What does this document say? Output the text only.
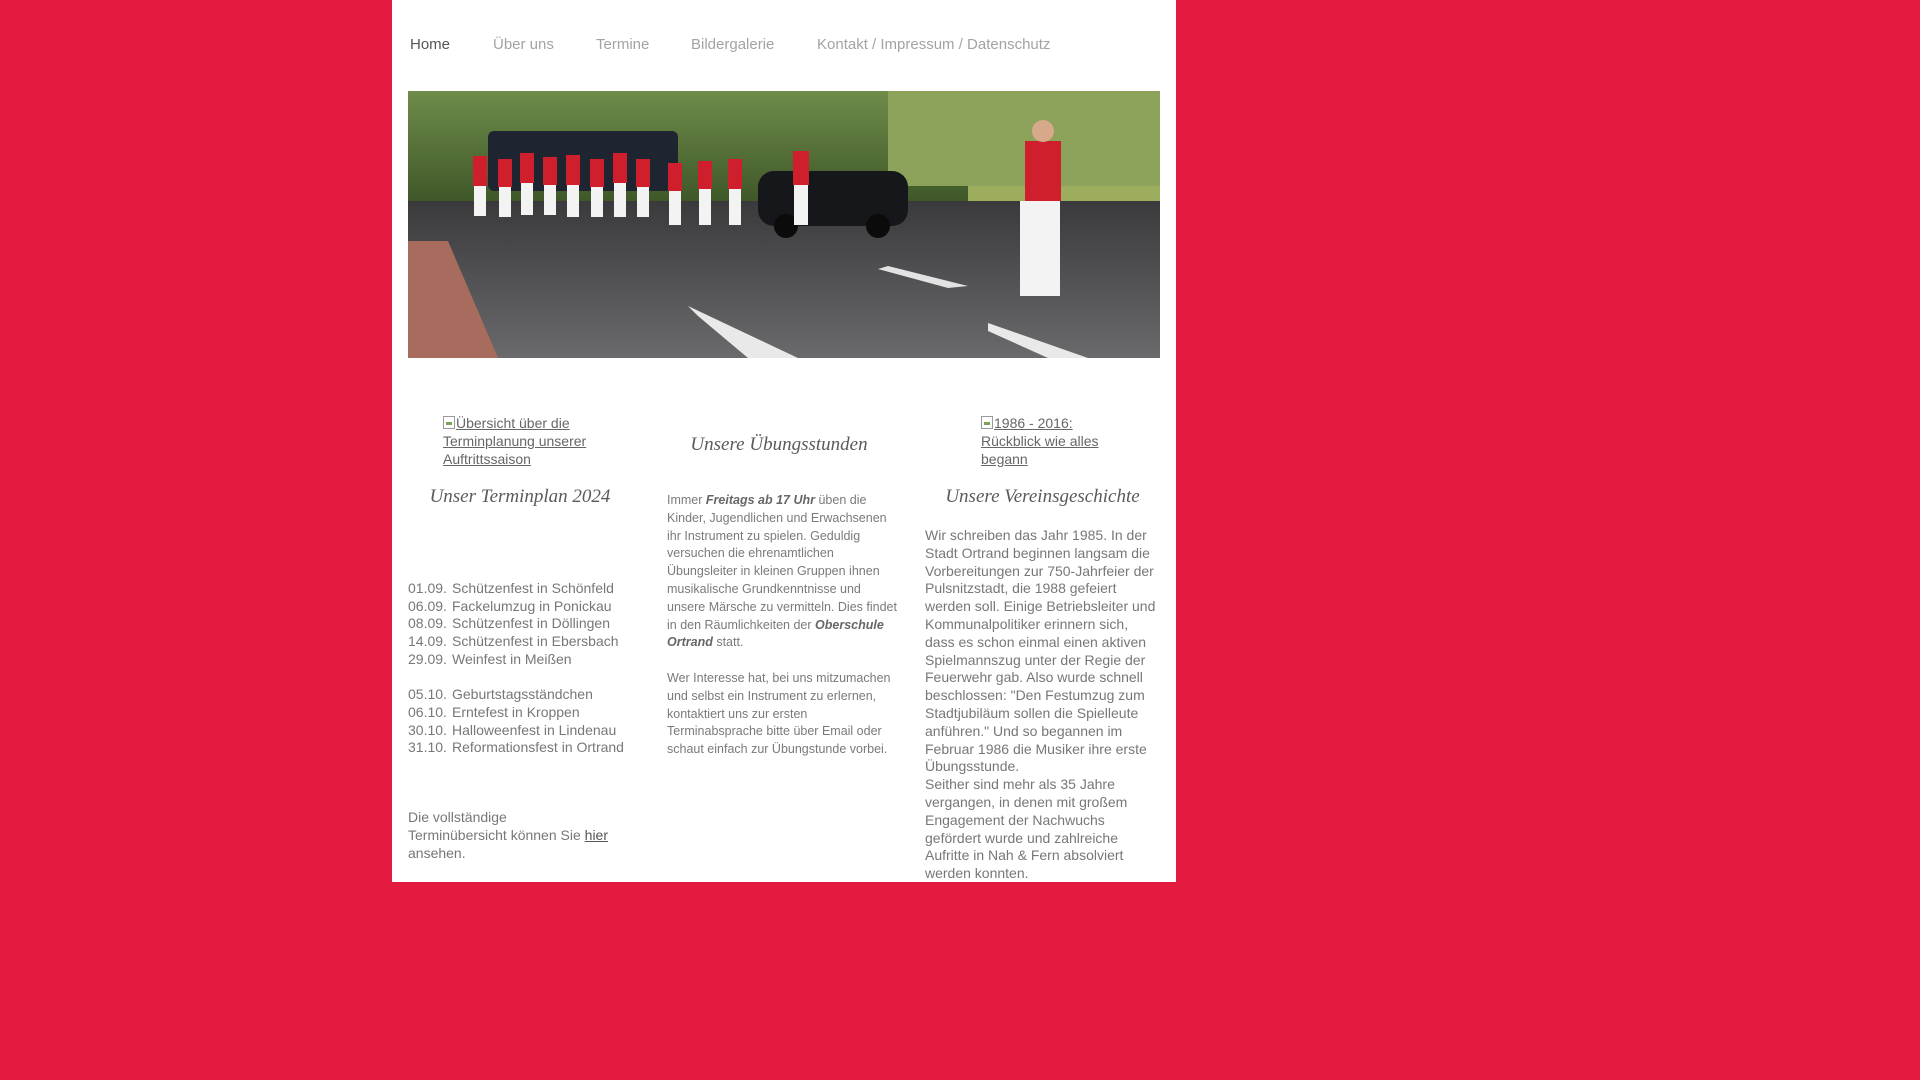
Home	Über uns	Termine	Bildergalerie	Kontakt / Impressum / Datenschutz
Übersicht über die Terminplanung unserer Auftrittssaison
Unser Terminplan 2024
01.09. Schützenfest in Schönfeld
06.09. Fackelumzug in Ponickau
08.09. Schützenfest in Döllingen
14.09. Schützenfest in Ebersbach
29.09. Weinfest in Meißen
05.10. Geburtstagsständchen
06.10. Erntefest in Kroppen
30.10. Halloweenfest in Lindenau
31.10. Reformationsfest in Ortrand
Die vollständige Terminübersicht können Sie hier ansehen.
Unsere Übungsstunden

Immer Freitags ab 17 Uhr üben die Kinder, Jugendlichen und Erwachsenen ihr Instrument zu spielen. Geduldig versuchen die ehrenamtlichen Übungsleiter in kleinen Gruppen ihnen musikalische Grundkenntnisse und unsere Märsche zu vermitteln. Dies findet in den Räumlichkeiten der Oberschule Ortrand statt.

Wer Interesse hat, bei uns mitzumachen und selbst ein Instrument zu erlernen, kontaktiert uns zur ersten Terminabsprache bitte über Email oder schaut einfach zur Übungstunde vorbei.

1986 - 2016: Rückblick wie alles begann
Unsere Vereinsgeschichte

Wir schreiben das Jahr 1985. In der Stadt Ortrand beginnen langsam die Vorbereitungen zur 750-Jahrfeier der Pulsnitzstadt, die 1988 gefeiert werden soll. Einige Betriebsleiter und Kommunalpolitiker erinnern sich, dass es schon einmal einen aktiven Spielmannszug unter der Regie der Feuerwehr gab. Also wurde schnell beschlossen: "Den Festumzug zum Stadtjubiläum sollen die Spielleute anführen." Und so begannen im Februar 1986 die Musiker ihre erste Übungsstunde.

Seither sind mehr als 35 Jahre vergangen, in denen mit großem Engagement der Nachwuchs gefördert wurde und zahlreiche Aufritte in Nah & Fern absolviert werden konnten.
